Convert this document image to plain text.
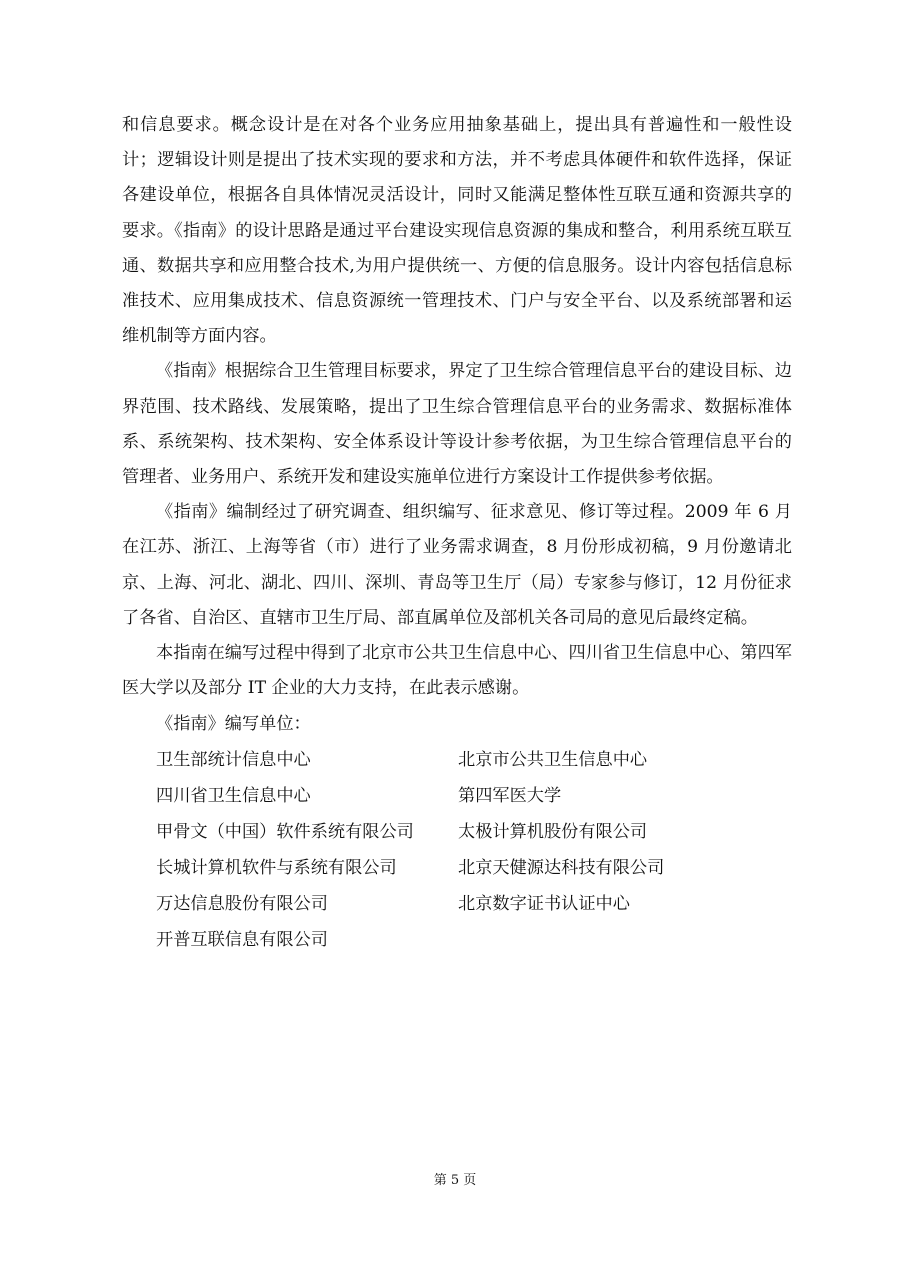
和信息要求。概念设计是在对各个业务应用抽象基础上，提出具有普遍性和一般性设计；逻辑设计则是提出了技术实现的要求和方法，并不考虑具体硬件和软件选择，保证各建设单位，根据各自具体情况灵活设计，同时又能满足整体性互联互通和资源共享的要求。《指南》的设计思路是通过平台建设实现信息资源的集成和整合，利用系统互联互通、数据共享和应用整合技术,为用户提供统一、方便的信息服务。设计内容包括信息标准技术、应用集成技术、信息资源统一管理技术、门户与安全平台、以及系统部署和运维机制等方面内容。

《指南》根据综合卫生管理目标要求，界定了卫生综合管理信息平台的建设目标、边界范围、技术路线、发展策略，提出了卫生综合管理信息平台的业务需求、数据标准体系、系统架构、技术架构、安全体系设计等设计参考依据，为卫生综合管理信息平台的管理者、业务用户、系统开发和建设实施单位进行方案设计工作提供参考依据。

《指南》编制经过了研究调查、组织编写、征求意见、修订等过程。2009 年 6 月在江苏、浙江、上海等省（市）进行了业务需求调查，8 月份形成初稿，9 月份邀请北京、上海、河北、湖北、四川、深圳、青岛等卫生厅（局）专家参与修订，12 月份征求了各省、自治区、直辖市卫生厅局、部直属单位及部机关各司局的意见后最终定稿。

本指南在编写过程中得到了北京市公共卫生信息中心、四川省卫生信息中心、第四军医大学以及部分 IT 企业的大力支持，在此表示感谢。

《指南》编写单位：

卫生部统计信息中心	北京市公共卫生信息中心
四川省卫生信息中心	第四军医大学
甲骨文（中国）软件系统有限公司	太极计算机股份有限公司
长城计算机软件与系统有限公司	北京天健源达科技有限公司
万达信息股份有限公司	北京数字证书认证中心
开普互联信息有限公司
第 5 页
